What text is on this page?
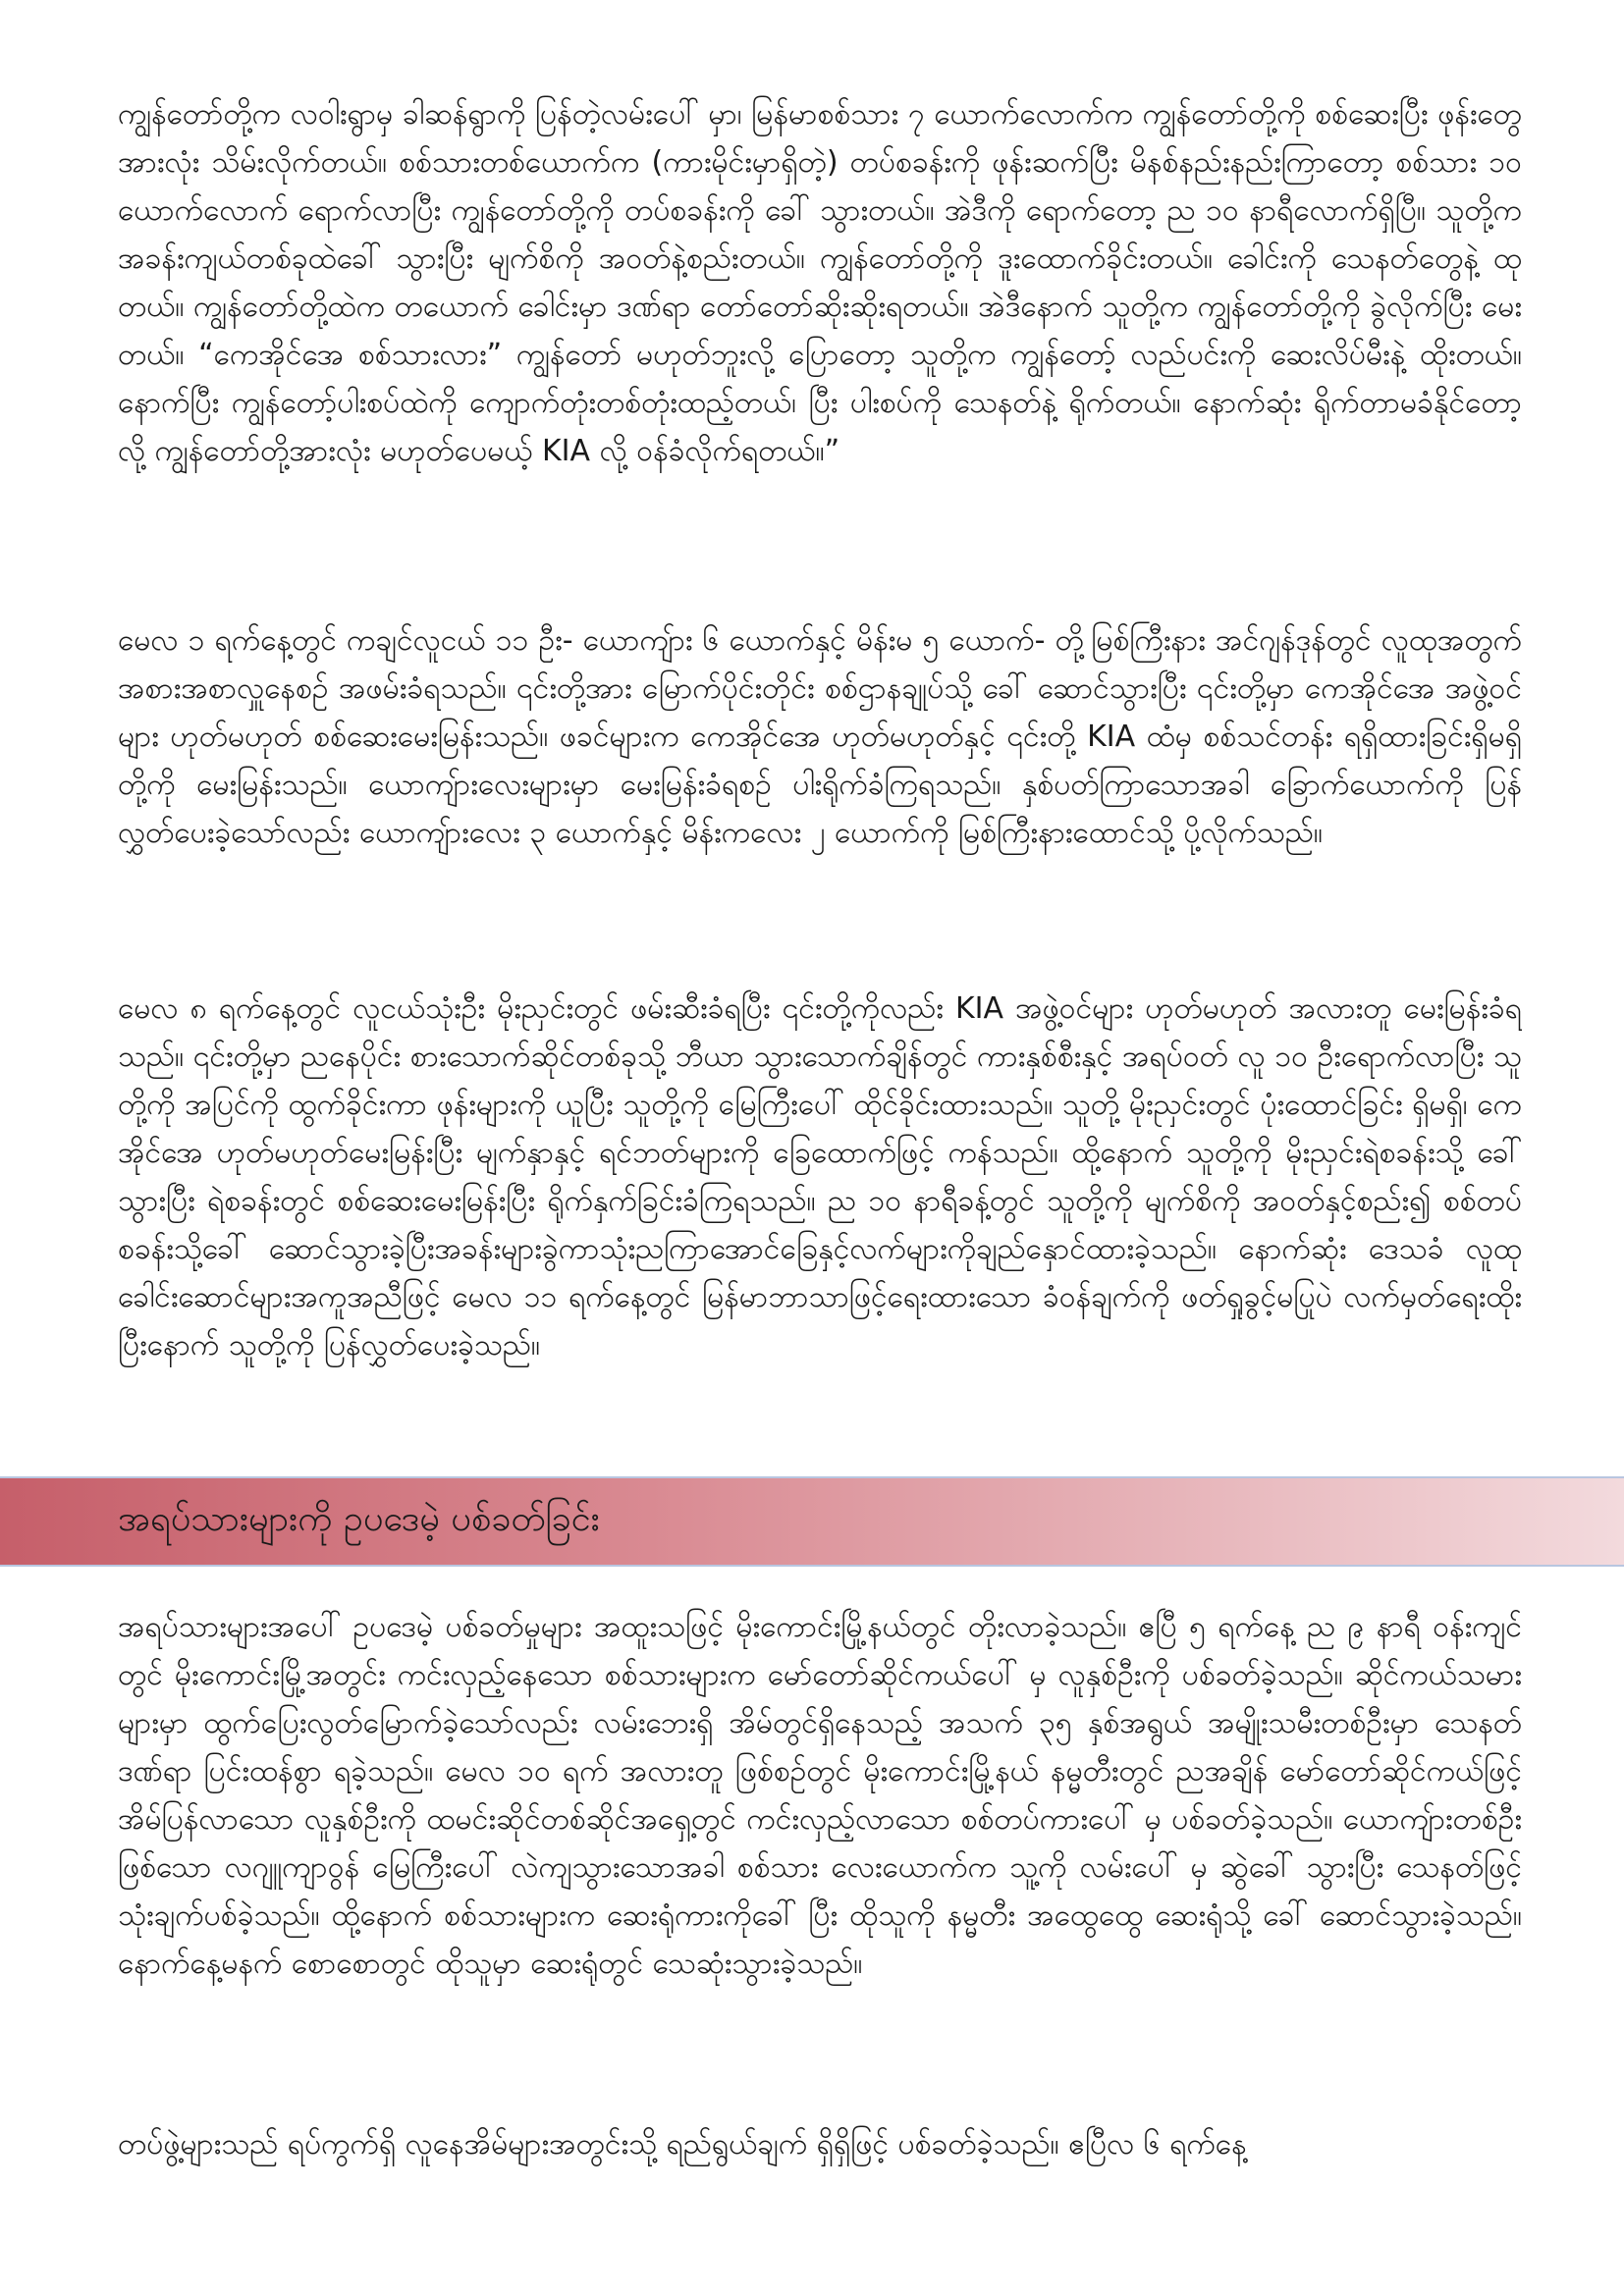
ကျွန်တော်တို့က လဝါးရွာမှ ခါဆန်ရွာကို ပြန်တဲ့လမ်းပေါ် မှာ၊ မြန်မာစစ်သား ၇ ယောက်လောက်က ကျွန်တော်တို့ကို စစ်ဆေးပြီး ဖုန်းတွေအားလုံး သိမ်းလိုက်တယ်။ စစ်သားတစ်ယောက်က (ကားမိုင်းမှာရှိတဲ့) တပ်စခန်းကို ဖုန်းဆက်ပြီး မိနစ်နည်းနည်းကြာတော့ စစ်သား ၁၀ ယောက်လောက် ရောက်လာပြီး ကျွန်တော်တို့ကို တပ်စခန်းကို ခေါ် သွားတယ်။ အဲဒီကို ရောက်တော့ ည ၁၀ နာရီလောက်ရှိပြီ။ သူတို့က အခန်းကျယ်တစ်ခုထဲခေါ် သွားပြီး မျက်စိကို အဝတ်နဲ့စည်းတယ်။ ကျွန်တော်တို့ကို ဒူးထောက်ခိုင်းတယ်။ ခေါင်းကို သေနတ်တွေနဲ့ ထုတယ်။ ကျွန်တော်တို့ထဲက တယောက် ခေါင်းမှာ ဒဏ်ရာ တော်တော်ဆိုးဆိုးရတယ်။ အဲဒီနောက် သူတို့က ကျွန်တော်တို့ကို ခွဲလိုက်ပြီး မေးတယ်။ “ကေအိုင်အေ စစ်သားလား” ကျွန်တော် မဟုတ်ဘူးလို့ ပြောတော့ သူတို့က ကျွန်တော့် လည်ပင်းကို ဆေးလိပ်မီးနဲ့ ထိုးတယ်။ နောက်ပြီး ကျွန်တော့်ပါးစပ်ထဲကို ကျောက်တုံးတစ်တုံးထည့်တယ်၊ ပြီး ပါးစပ်ကို သေနတ်နဲ့ ရိုက်တယ်။ နောက်ဆုံး ရိုက်တာမခံနိုင်တော့လို့ ကျွန်တော်တို့အားလုံး မဟုတ်ပေမယ့် KIA လို့ ဝန်ခံလိုက်ရတယ်။”

မေလ ၁ ရက်နေ့တွင် ကချင်လူငယ် ၁၁ ဦး- ယောကျ်ား ၆ ယောက်နှင့် မိန်းမ ၅ ယောက်- တို့မြစ်ကြီးနား အင်ဂျန်ဒုန်တွင် လူထုအတွက် အစားအစာလှူနေစဉ် အဖမ်းခံရသည်။ ၎င်းတို့အား မြောက်ပိုင်းတိုင်း စစ်ဌာနချုပ်သို့ ခေါ် ဆောင်သွားပြီး ၎င်းတို့မှာ ကေအိုင်အေ အဖွဲ့ဝင်များ ဟုတ်မဟုတ် စစ်ဆေးမေးမြန်းသည်။ ဖခင်များက ကေအိုင်အေ ဟုတ်မဟုတ်နှင့် ၎င်းတို့ KIA ထံမှ စစ်သင်တန်း ရရှိထားခြင်းရှိမရှိ တို့ကို မေးမြန်းသည်။ ယောကျ်ားလေးများမှာ မေးမြန်းခံရစဉ် ပါးရိုက်ခံကြရသည်။ နှစ်ပတ်ကြာသောအခါ ခြောက်ယောက်ကို ပြန်လွှတ်ပေးခဲ့သော်လည်း ယောကျ်ားလေး ၃ ယောက်နှင့် မိန်းကလေး ၂ ယောက်ကို မြစ်ကြီးနားထောင်သို့ ပို့လိုက်သည်။

မေလ ၈ ရက်နေ့တွင် လူငယ်သုံးဦး မိုးညှင်းတွင် ဖမ်းဆီးခံရပြီး ၎င်းတို့ကိုလည်း KIA အဖွဲ့ဝင်များ ဟုတ်မဟုတ် အလားတူ မေးမြန်းခံရသည်။ ၎င်းတို့မှာ ညနေပိုင်း စားသောက်ဆိုင်တစ်ခုသို့ ဘီယာ သွားသောက်ချိန်တွင် ကားနှစ်စီးနှင့် အရပ်ဝတ် လူ ၁၀ ဦးရောက်လာပြီး သူတို့ကို အပြင်ကို ထွက်ခိုင်းကာ ဖုန်းများကို ယူပြီး သူတို့ကို မြေကြီးပေါ် ထိုင်ခိုင်းထားသည်။ သူတို့ မိုးညှင်းတွင် ပုံးထောင်ခြင်း ရှိမရှိ၊ ကေအိုင်အေ ဟုတ်မဟုတ်မေးမြန်းပြီး မျက်နှာနှင့် ရင်ဘတ်များကို ခြေထောက်ဖြင့် ကန်သည်။ ထို့နောက် သူတို့ကို မိုးညှင်းရဲစခန်းသို့ ခေါ် သွားပြီး ရဲစခန်းတွင် စစ်ဆေးမေးမြန်းပြီး ရိုက်နှက်ခြင်းခံကြရသည်။ ည ၁၀ နာရီခန့်တွင် သူတို့ကို မျက်စိကို အဝတ်နှင့်စည်း၍ စစ်တပ်စခန်းသို့ခေါ် ဆောင်သွားခဲ့ပြီးအခန်းများခွဲကာသုံးညကြာအောင်ခြေနှင့်လက်များကိုချည်နှောင်ထားခဲ့သည်။ နောက်ဆုံး ဒေသခံ လူထုခေါင်းဆောင်များအကူအညီဖြင့် မေလ ၁၁ ရက်နေ့တွင် မြန်မာဘာသာဖြင့်ရေးထားသော ခံဝန်ချက်ကို ဖတ်ရှုခွင့်မပြုပဲ လက်မှတ်ရေးထိုးပြီးနောက် သူတို့ကို ပြန်လွှတ်ပေးခဲ့သည်။

အရပ်သားများကို ဥပဒေမဲ့ ပစ်ခတ်ခြင်း

အရပ်သားများအပေါ် ဥပဒေမဲ့ ပစ်ခတ်မှုများ အထူးသဖြင့် မိုးကောင်းမြို့နယ်တွင် တိုးလာခဲ့သည်။ ဧပြီ ၅ ရက်နေ့ ည ၉ နာရီ ဝန်းကျင်တွင် မိုးကောင်းမြို့အတွင်း ကင်းလှည့်နေသော စစ်သားများက မော်တော်ဆိုင်ကယ်ပေါ် မှ လူနှစ်ဦးကို ပစ်ခတ်ခဲ့သည်။ ဆိုင်ကယ်သမားများမှာ ထွက်ပြေးလွတ်မြောက်ခဲ့သော်လည်း လမ်းဘေးရှိ အိမ်တွင်ရှိနေသည့် အသက် ၃၅ နှစ်အရွယ် အမျိုးသမီးတစ်ဦးမှာ သေနတ်ဒဏ်ရာ ပြင်းထန်စွာ ရခဲ့သည်။ မေလ ၁၀ ရက် အလားတူ ဖြစ်စဉ်တွင် မိုးကောင်းမြို့နယ် နမ္မတီးတွင် ညအချိန် မော်တော်ဆိုင်ကယ်ဖြင့် အိမ်ပြန်လာသော လူနှစ်ဦးကို ထမင်းဆိုင်တစ်ဆိုင်အရှေ့တွင် ကင်းလှည့်လာသော စစ်တပ်ကားပေါ် မှ ပစ်ခတ်ခဲ့သည်။ ယောကျ်ားတစ်ဦးဖြစ်သော လဂျူကျာဝွန် မြေကြီးပေါ် လဲကျသွားသောအခါ စစ်သား လေးယောက်က သူ့ကို လမ်းပေါ် မှ ဆွဲခေါ် သွားပြီး သေနတ်ဖြင့် သုံးချက်ပစ်ခဲ့သည်။ ထို့နောက် စစ်သားများက ဆေးရုံကားကိုခေါ် ပြီး ထိုသူကို နမ္မတီး အထွေထွေ ဆေးရုံသို့ ခေါ် ဆောင်သွားခဲ့သည်။ နောက်နေ့မနက် စောစောတွင် ထိုသူမှာ ဆေးရုံတွင် သေဆုံးသွားခဲ့သည်။

တပ်ဖွဲ့များသည် ရပ်ကွက်ရှိ လူနေအိမ်များအတွင်းသို့ ရည်ရွယ်ချက် ရှိရှိဖြင့် ပစ်ခတ်ခဲ့သည်။ ဧပြီလ ၆ ရက်နေ့
